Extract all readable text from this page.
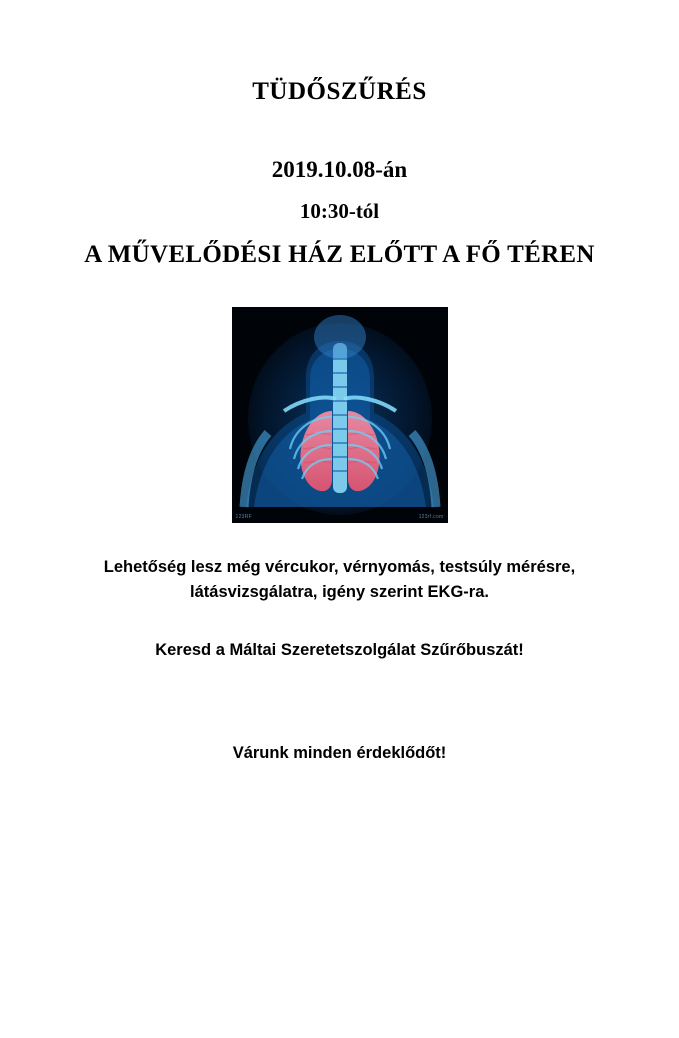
TÜDŐSZŰRÉS
2019.10.08-án
10:30-tól
A MŰVELŐDÉSI HÁZ ELŐTT A FŐ TÉREN
123RF	123rf.com
Lehetőség lesz még vércukor, vérnyomás, testsúly mérésre, látásvizsgálatra, igény szerint EKG-ra.
Keresd a Máltai Szeretetszolgálat Szűrőbuszát!
Várunk minden érdeklődőt!
